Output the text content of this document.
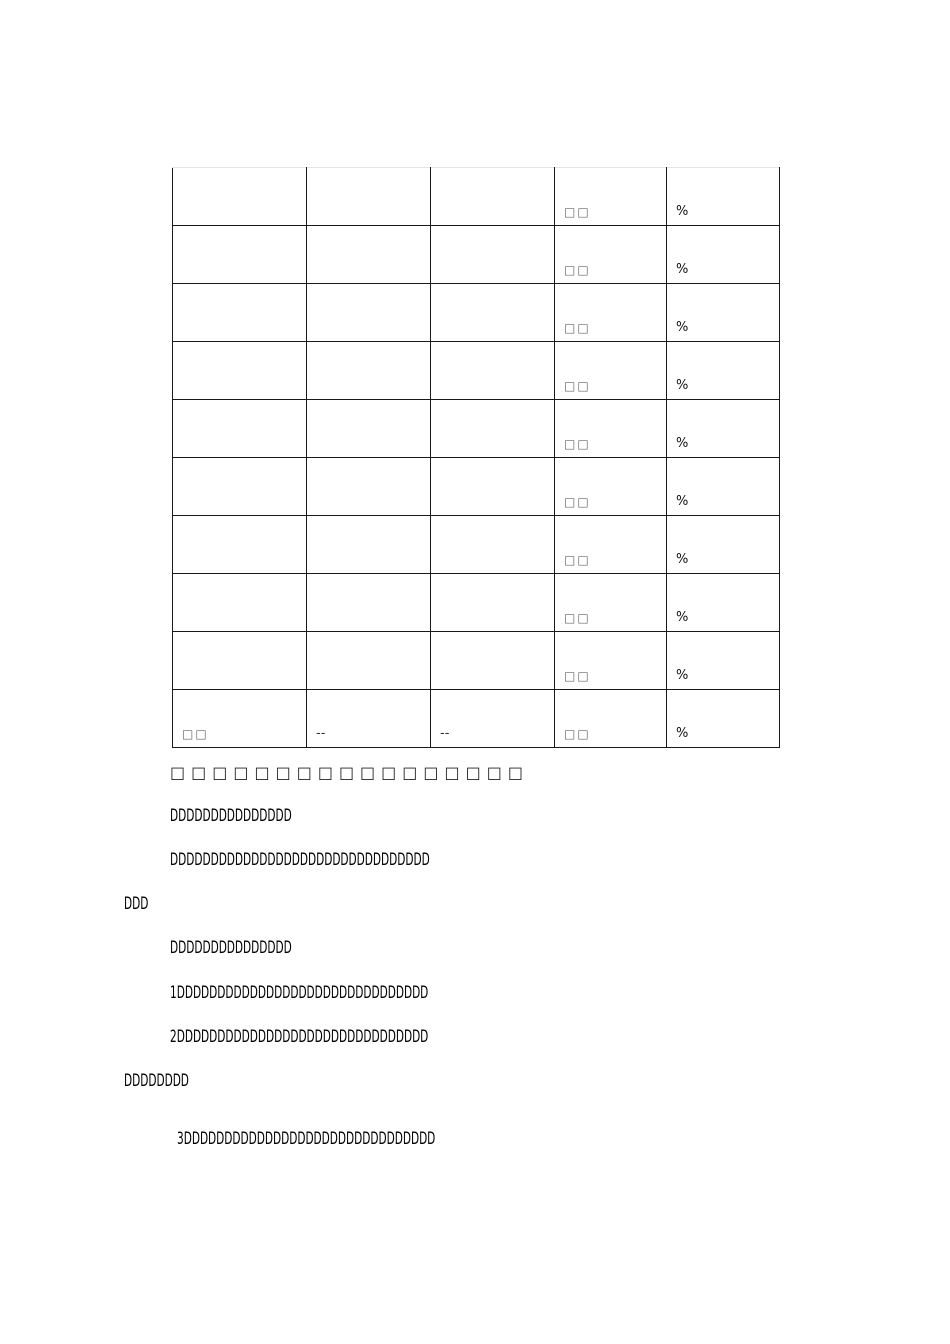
			□□	%

			□□	%

			□□	%

			□□	%

			□□	%

			□□	%

			□□	%

			□□	%

			□□	%

□□	--	--	□□	%
□□□□□□□□□□□□□□□□□
DDDDDDDDDDDDDDD
DDDDDDDDDDDDDDDDDDDDDDDDDDDDDDDD
DDD
DDDDDDDDDDDDDDD
1DDDDDDDDDDDDDDDDDDDDDDDDDDDDDDD
2DDDDDDDDDDDDDDDDDDDDDDDDDDDDDDD
DDDDDDDD
3DDDDDDDDDDDDDDDDDDDDDDDDDDDDDDD
